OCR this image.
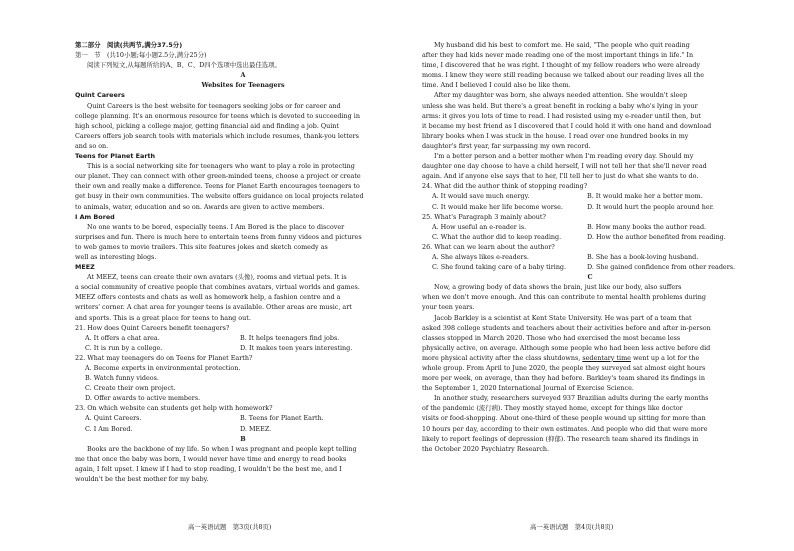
第二部分　阅读(共两节,满分37.5分)
第一　节　(共10小题;每小题2.5分,满分25分)
阅读下列短文,从每题所给的A、B、C、D四个选项中选出最佳选项。
A
Websites for Teenagers
Quint Careers
Quint Careers is the best website for teenagers seeking jobs or for career and
college planning. It's an enormous resource for teens which is devoted to succeeding in
high school, picking a college major, getting financial aid and finding a job. Quint
Careers offers job search tools with materials which include resumes, thank-you letters
and so on.
Teens for Planet Earth
This is a social networking site for teenagers who want to play a role in protecting
our planet. They can connect with other green-minded teens, choose a project or create
their own and really make a difference. Teens for Planet Earth encourages teenagers to
get busy in their own communities. The website offers guidance on local projects related
to animals, water, education and so on. Awards are given to active members.
I Am Bored
No one wants to be bored, especially teens. I Am Bored is the place to discover
surprises and fun. There is much here to entertain teens from funny videos and pictures
to web games to movie trailers. This site features jokes and sketch comedy as
well as interesting blogs.
MEEZ
At MEEZ, teens can create their own avatars (头像), rooms and virtual pets. It is
a social community of creative people that combines avatars, virtual worlds and games.
MEEZ offers contests and chats as well as homework help, a fashion centre and a
writers' corner. A chat area for younger teens is available. Other areas are music, art
and sports. This is a great place for teens to hang out.
21. How does Quint Careers benefit teenagers?
A. It offers a chat area.	B. It helps teenagers find jobs.
C. It is run by a college.	D. It makes teen years interesting.
22. What may teenagers do on Teens for Planet Earth?
A. Become experts in environmental protection.
B. Watch funny videos.
C. Create their own project.
D. Offer awards to active members.
23. On which website can students get help with homework?
A. Quint Careers.	B. Teens for Planet Earth.
C. I Am Bored.	D. MEEZ.
B
Books are the backbone of my life. So when I was pregnant and people kept telling
me that once the baby was born, I would never have time and energy to read books
again, I felt upset. I knew if I had to stop reading, I wouldn't be the best me, and I
wouldn't be the best mother for my baby.
My husband did his best to comfort me. He said, "The people who quit reading
after they had kids never made reading one of the most important things in life." In
time, I discovered that he was right. I thought of my fellow readers who were already
moms. I knew they were still reading because we talked about our reading lives all the
time. And I believed I could also be like them.
After my daughter was born, she always needed attention. She wouldn't sleep
unless she was held. But there's a great benefit in rocking a baby who's lying in your
arms: it gives you lots of time to read. I had resisted using my e-reader until then, but
it became my best friend as I discovered that I could hold it with one hand and download
library books when I was stuck in the house. I read over one hundred books in my
daughter's first year, far surpassing my own record.
I'm a better person and a better mother when I'm reading every day. Should my
daughter one day choose to have a child herself, I will not tell her that she'll never read
again. And if anyone else says that to her, I'll tell her to just do what she wants to do.
24. What did the author think of stopping reading?
A. It would save much energy.	B. It would make her a better mom.
C. It would make her life become worse.	D. It would hurt the people around her.
25. What's Paragraph 3 mainly about?
A. How useful an e-reader is.	B. How many books the author read.
C. What the author did to keep reading.	D. How the author benefited from reading.
26. What can we learn about the author?
A. She always likes e-readers.	B. She has a book-loving husband.
C. She found taking care of a baby tiring.	D. She gained confidence from other readers.
C
Now, a growing body of data shows the brain, just like our body, also suffers
when we don't move enough. And this can contribute to mental health problems during
your teen years.
Jacob Barkley is a scientist at Kent State University. He was part of a team that
asked 398 college students and teachers about their activities before and after in-person
classes stopped in March 2020. Those who had exercised the most became less
physically active, on average. Although some people who had been less active before did
more physical activity after the class shutdowns, sedentary time went up a lot for the
whole group. From April to June 2020, the people they surveyed sat almost eight hours
more per week, on average, than they had before. Barkley's team shared its findings in
the September 1, 2020 International Journal of Exercise Science.
In another study, researchers surveyed 937 Brazilian adults during the early months
of the pandemic (流行病). They mostly stayed home, except for things like doctor
visits or food-shopping. About one-third of these people wound up sitting for more than
10 hours per day, according to their own estimates. And people who did that were more
likely to report feelings of depression (抑郁). The research team shared its findings in
the October 2020 Psychiatry Research.
高一英语试题　第3页(共8页)	高一英语试题　第4页(共8页)
